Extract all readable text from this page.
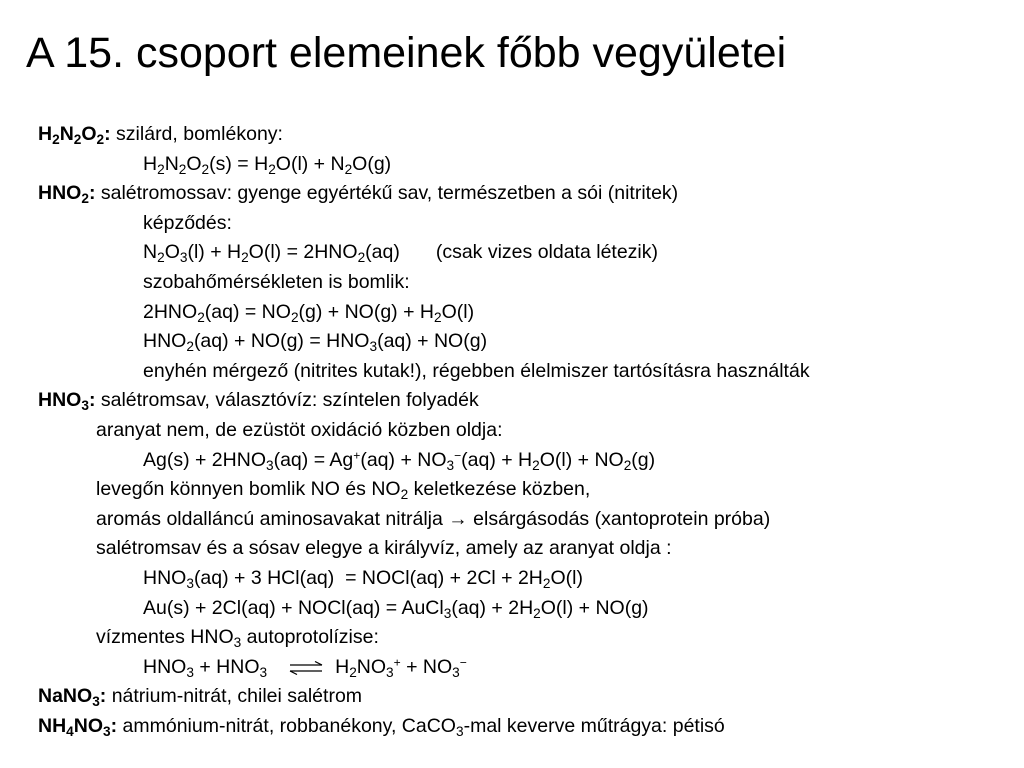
A 15. csoport elemeinek főbb vegyületei
$H_2N_2O_2$: szilárd, bomlékony:
$H_2N_2O_2(s) = H_2O(l) + N_2O(g)$
$HNO_2$: salétromossav: gyenge egyértékű sav, természetben a sói (nitritek)
képződés:
$N_2O_3(l) + H_2O(l) = 2HNO_2(aq)$ (csak vizes oldata létezik)
szobahőmérsékleten is bomlik:
$2HNO_2(aq) = NO_2(g) + NO(g) + H_2O(l)$
$HNO_2(aq) + NO(g) = HNO_3(aq) + NO(g)$
enyhén mérgező (nitrites kutak!), régebben élelmiszer tartósításra használták
$HNO_3$: salétromsav, választóvíz: színtelen folyadék
aranyat nem, de ezüstöt oxidáció közben oldja:
$Ag(s) + 2HNO_3(aq) = Ag^+(aq) + NO_3^-(aq) + H_2O(l) + NO_2(g)$
levegőn könnyen bomlik NO és $NO_2$ keletkezése közben,
aromás oldalláncú aminosavakat nitrálja → elsárgásodás (xantoprotein próba)
salétromsav és a sósav elegye a királyvíz, amely az aranyat oldja :
$HNO_3(aq) + 3$ HCl(aq)  = NOCl(aq) + $2Cl + 2H_2O(l)$
Au(s) + 2Cl(aq) + NOCl(aq) = AuCl$_3$(aq) + $2H_2O(l) + NO(g)$
vízmentes $HNO_3$ autoprotolízise:
$HNO_3 + HNO_3$ ⇌ $H_2NO_3^+ + NO_3^-$
NaNO$_3$: nátrium-nitrát, chilei salétrom
$NH_4NO_3$: ammónium-nitrát, robbanékony, CaCO$_3$-mal keverve műtrágya: pétisó
